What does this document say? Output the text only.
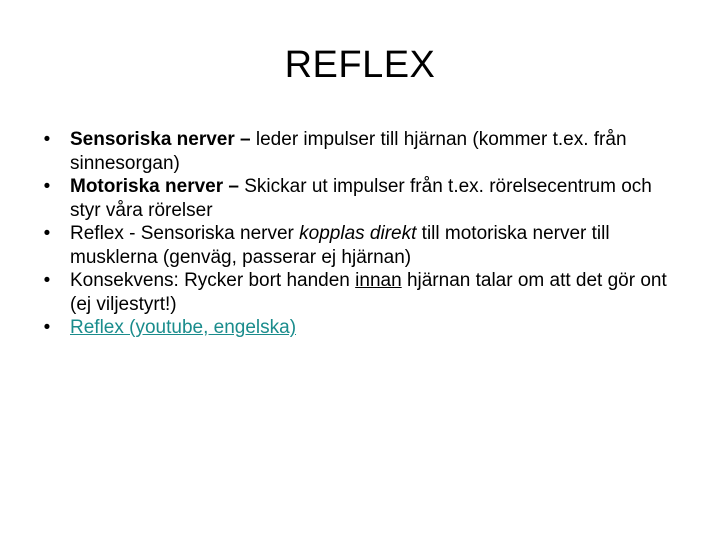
REFLEX
• Sensoriska nerver – leder impulser till hjärnan (kommer t.ex. från sinnesorgan)
• Motoriska nerver – Skickar ut impulser från t.ex. rörelsecentrum och styr våra rörelser
• Reflex - Sensoriska nerver kopplas direkt till motoriska nerver till musklerna (genväg, passerar ej hjärnan)
• Konsekvens: Rycker bort handen innan hjärnan talar om att det gör ont (ej viljestyrt!)
• Reflex (youtube, engelska)
